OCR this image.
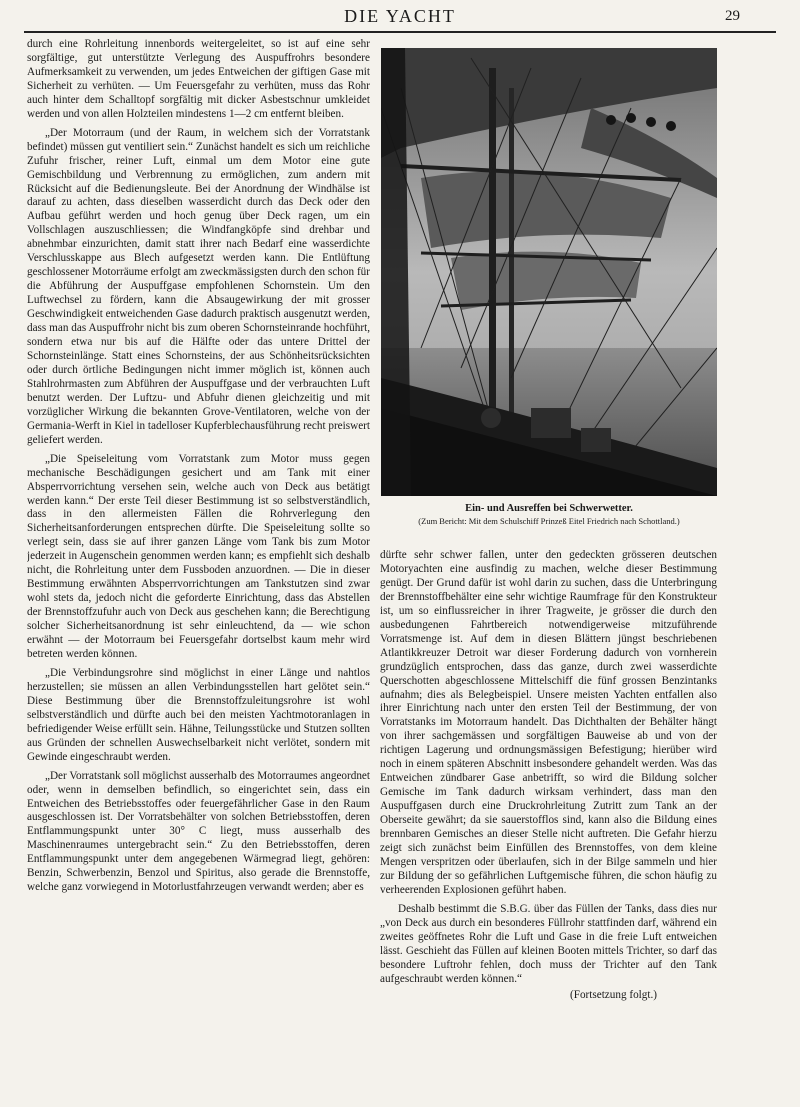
DIE YACHT	29

durch eine Rohrleitung innenbords weitergeleitet, so ist auf eine sehr sorgfältige, gut unterstützte Verlegung des Auspuffrohrs besondere Aufmerksamkeit zu verwenden, um jedes Entweichen der giftigen Gase mit Sicherheit zu verhüten. — Um Feuersgefahr zu verhüten, muss das Rohr auch hinter dem Schalltopf sorgfältig mit dicker Asbestschnur umkleidet werden und von allen Holzteilen mindestens 1—2 cm entfernt bleiben.

„Der Motorraum (und der Raum, in welchem sich der Vorratstank befindet) müssen gut ventiliert sein.“ Zunächst handelt es sich um reichliche Zufuhr frischer, reiner Luft, einmal um dem Motor eine gute Gemischbildung und Verbrennung zu ermöglichen, zum andern mit Rücksicht auf die Bedienungsleute. Bei der Anordnung der Windhälse ist darauf zu achten, dass dieselben wasserdicht durch das Deck oder den Aufbau geführt werden und hoch genug über Deck ragen, um ein Vollschlagen auszuschliessen; die Windfangköpfe sind drehbar und abnehmbar einzurichten, damit statt ihrer nach Bedarf eine wasserdichte Verschlusskappe aus Blech aufgesetzt werden kann. Die Entlüftung geschlossener Motorräume erfolgt am zweckmässigsten durch den schon für die Abführung der Auspuffgase empfohlenen Schornstein. Um den Luftwechsel zu fördern, kann die Absaugewirkung der mit grosser Geschwindigkeit entweichenden Gase dadurch praktisch ausgenutzt werden, dass man das Auspuffrohr nicht bis zum oberen Schornsteinrande hochführt, sondern etwa nur bis auf die Hälfte oder das untere Drittel der Schornsteinlänge. Statt eines Schornsteins, der aus Schönheitsrücksichten oder durch örtliche Bedingungen nicht immer möglich ist, können auch Stahlrohrmasten zum Abführen der Auspuffgase und der verbrauchten Luft benutzt werden. Der Luftzu- und Abfuhr dienen gleichzeitig und mit vorzüglicher Wirkung die bekannten Grove-Ventilatoren, welche von der Germania-Werft in Kiel in tadelloser Kupferblechausführung recht preiswert geliefert werden.

„Die Speiseleitung vom Vorratstank zum Motor muss gegen mechanische Beschädigungen gesichert und am Tank mit einer Absperrvorrichtung versehen sein, welche auch von Deck aus betätigt werden kann.“ Der erste Teil dieser Bestimmung ist so selbstverständlich, dass in den allermeisten Fällen die Rohrverlegung den Sicherheitsanforderungen entsprechen dürfte. Die Speiseleitung sollte so verlegt sein, dass sie auf ihrer ganzen Länge vom Tank bis zum Motor jederzeit in Augenschein genommen werden kann; es empfiehlt sich deshalb nicht, die Rohrleitung unter dem Fussboden anzuordnen. — Die in dieser Bestimmung erwähnten Absperrvorrichtungen am Tankstutzen sind zwar wohl stets da, jedoch nicht die geforderte Einrichtung, dass das Abstellen der Brennstoffzufuhr auch von Deck aus geschehen kann; die Berechtigung solcher Sicherheitsanordnung ist sehr einleuchtend, da — wie schon erwähnt — der Motorraum bei Feuersgefahr dortselbst kaum mehr wird betreten werden können.

„Die Verbindungsrohre sind möglichst in einer Länge und nahtlos herzustellen; sie müssen an allen Verbindungsstellen hart gelötet sein.“ Diese Bestimmung über die Brennstoffzuleitungsrohre ist wohl selbstverständlich und dürfte auch bei den meisten Yachtmotoranlagen in befriedigender Weise erfüllt sein. Hähne, Teilungsstücke und Stutzen sollten aus Gründen der schnellen Auswechselbarkeit nicht verlötet, sondern mit Gewinde eingeschraubt werden.

„Der Vorratstank soll möglichst ausserhalb des Motorraumes angeordnet oder, wenn in demselben befindlich, so eingerichtet sein, dass ein Entweichen des Betriebsstoffes oder feuergefährlicher Gase in den Raum ausgeschlossen ist. Der Vorratsbehälter von solchen Betriebsstoffen, deren Entflammungspunkt unter 30° C liegt, muss ausserhalb des Maschinenraumes untergebracht sein.“ Zu den Betriebsstoffen, deren Entflammungspunkt unter dem angegebenen Wärmegrad liegt, gehören: Benzin, Schwerbenzin, Benzol und Spiritus, also gerade die Brennstoffe, welche ganz vorwiegend in Motorlustfahrzeugen verwandt werden; aber es

Ein- und Ausreffen bei Schwerwetter.
(Zum Bericht: Mit dem Schulschiff Prinzeß Eitel Friedrich nach Schottland.)

dürfte sehr schwer fallen, unter den gedeckten grösseren deutschen Motoryachten eine ausfindig zu machen, welche dieser Bestimmung genügt. Der Grund dafür ist wohl darin zu suchen, dass die Unterbringung der Brennstoffbehälter eine sehr wichtige Raumfrage für den Konstrukteur ist, um so einflussreicher in ihrer Tragweite, je grösser die durch den ausbedungenen Fahrtbereich notwendigerweise mitzuführende Vorratsmenge ist. Auf dem in diesen Blättern jüngst beschriebenen Atlantikkreuzer Detroit war dieser Forderung dadurch von vornherein grundzüglich entsprochen, dass das ganze, durch zwei wasserdichte Querschotten abgeschlossene Mittelschiff die fünf grossen Benzintanks aufnahm; dies als Belegbeispiel. Unsere meisten Yachten entfallen also ihrer Einrichtung nach unter den ersten Teil der Bestimmung, der von Vorratstanks im Motorraum handelt. Das Dichthalten der Behälter hängt von ihrer sachgemässen und sorgfältigen Bauweise ab und von der richtigen Lagerung und ordnungsmässigen Befestigung; hierüber wird noch in einem späteren Abschnitt insbesondere gehandelt werden. Was das Entweichen zündbarer Gase anbetrifft, so wird die Bildung solcher Gemische im Tank dadurch wirksam verhindert, dass man den Auspuffgasen durch eine Druckrohrleitung Zutritt zum Tank an der Oberseite gewährt; da sie sauerstofflos sind, kann also die Bildung eines brennbaren Gemisches an dieser Stelle nicht auftreten. Die Gefahr hierzu zeigt sich zunächst beim Einfüllen des Brennstoffes, von dem kleine Mengen verspritzen oder überlaufen, sich in der Bilge sammeln und hier zur Bildung der so gefährlichen Luftgemische führen, die schon häufig zu verheerenden Explosionen geführt haben.

Deshalb bestimmt die S.B.G. über das Füllen der Tanks, dass dies nur „von Deck aus durch ein besonderes Füllrohr stattfinden darf, während ein zweites geöffnetes Rohr die Luft und Gase in die freie Luft entweichen lässt. Geschieht das Füllen auf kleinen Booten mittels Trichter, so darf das besondere Luftrohr fehlen, doch muss der Trichter auf den Tank aufgeschraubt werden können.“

(Fortsetzung folgt.)
